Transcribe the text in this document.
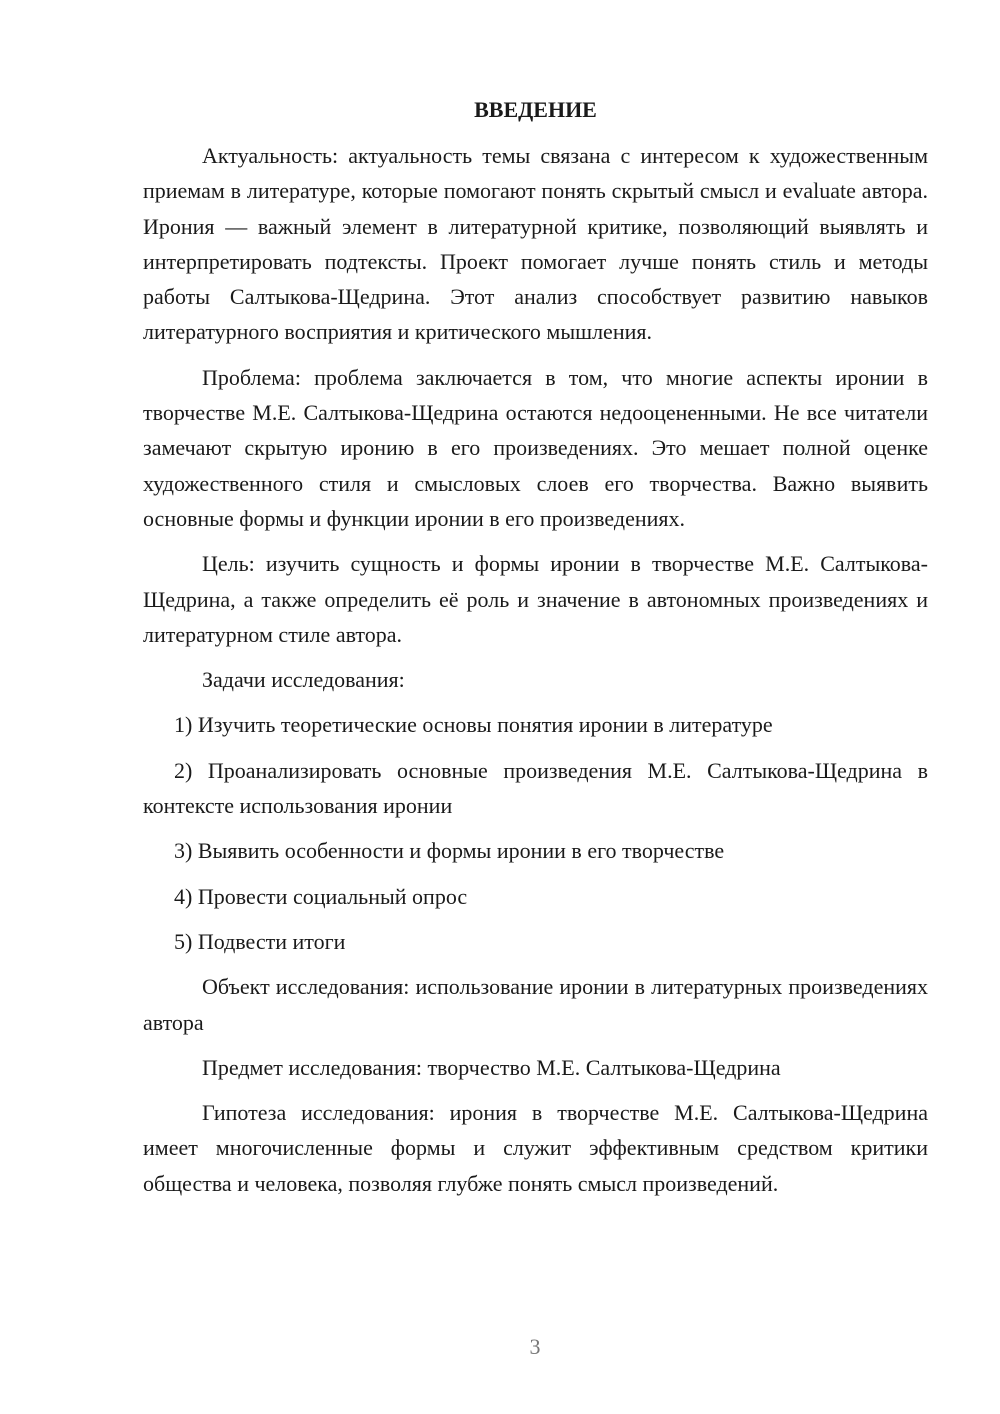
ВВЕДЕНИЕ

Актуальность: актуальность темы связана с интересом к художественным приемам в литературе, которые помогают понять скрытый смысл и evaluate автора. Ирония — важный элемент в литературной критике, позволяющий выявлять и интерпретировать подтексты. Проект помогает лучше понять стиль и методы работы Салтыкова-Щедрина. Этот анализ способствует развитию навыков литературного восприятия и критического мышления.

Проблема: проблема заключается в том, что многие аспекты иронии в творчестве М.Е. Салтыкова-Щедрина остаются недооцененными. Не все читатели замечают скрытую иронию в его произведениях. Это мешает полной оценке художественного стиля и смысловых слоев его творчества. Важно выявить основные формы и функции иронии в его произведениях.

Цель: изучить сущность и формы иронии в творчестве М.Е. Салтыкова-Щедрина, а также определить её роль и значение в автономных произведениях и литературном стиле автора.

Задачи исследования:

1) Изучить теоретические основы понятия иронии в литературе

2) Проанализировать основные произведения М.Е. Салтыкова-Щедрина в контексте использования иронии

3) Выявить особенности и формы иронии в его творчестве

4) Провести социальный опрос

5) Подвести итоги

Объект исследования: использование иронии в литературных произведениях автора

Предмет исследования: творчество М.Е. Салтыкова-Щедрина

Гипотеза исследования: ирония в творчестве М.Е. Салтыкова-Щедрина имеет многочисленные формы и служит эффективным средством критики общества и человека, позволяя глубже понять смысл произведений.

3
